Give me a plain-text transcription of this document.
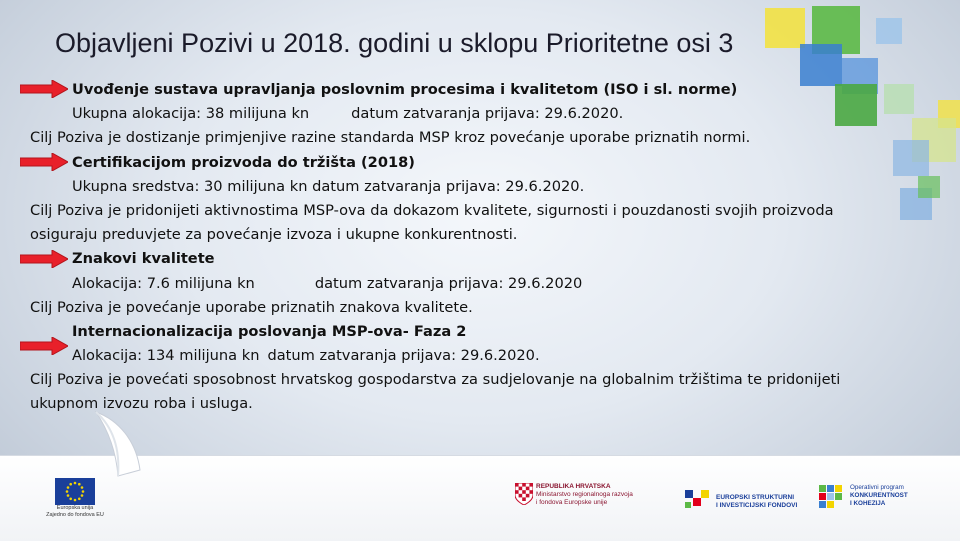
Objavljeni Pozivi u 2018. godini u sklopu Prioritetne osi 3
Uvođenje sustava upravljanja poslovnim procesima i kvalitetom (ISO i sl. norme)
Ukupna alokacija: 38 milijuna kn	datum zatvaranja prijava: 29.6.2020.
Cilj Poziva je dostizanje primjenjive razine standarda MSP kroz povećanje uporabe priznatih normi.
Certifikacijom proizvoda do tržišta (2018)
Ukupna sredstva: 30 milijuna kn datum zatvaranja prijava: 29.6.2020.
Cilj Poziva je pridonijeti aktivnostima MSP-ova da dokazom kvalitete, sigurnosti i pouzdanosti svojih proizvoda
osiguraju preduvjete za povećanje izvoza i ukupne konkurentnosti.
Znakovi kvalitete
Alokacija: 7.6 milijuna kn	datum zatvaranja prijava: 29.6.2020
Cilj Poziva je povećanje uporabe priznatih znakova kvalitete.
Internacionalizacija poslovanja MSP-ova- Faza 2
Alokacija: 134 milijuna kn datum zatvaranja prijava: 29.6.2020.
Cilj Poziva je povećati sposobnost hrvatskog gospodarstva za sudjelovanje na globalnim tržištima te pridonijeti
ukupnom izvozu roba i usluga.
Europska unija
Zajedno do fondova EU
REPUBLIKA HRVATSKA
Ministarstvo regionalnoga razvoja
i fondova Europske unije
EUROPSKI STRUKTURNI
I INVESTICIJSKI FONDOVI
Operativni program
KONKURENTNOST
I KOHEZIJA
